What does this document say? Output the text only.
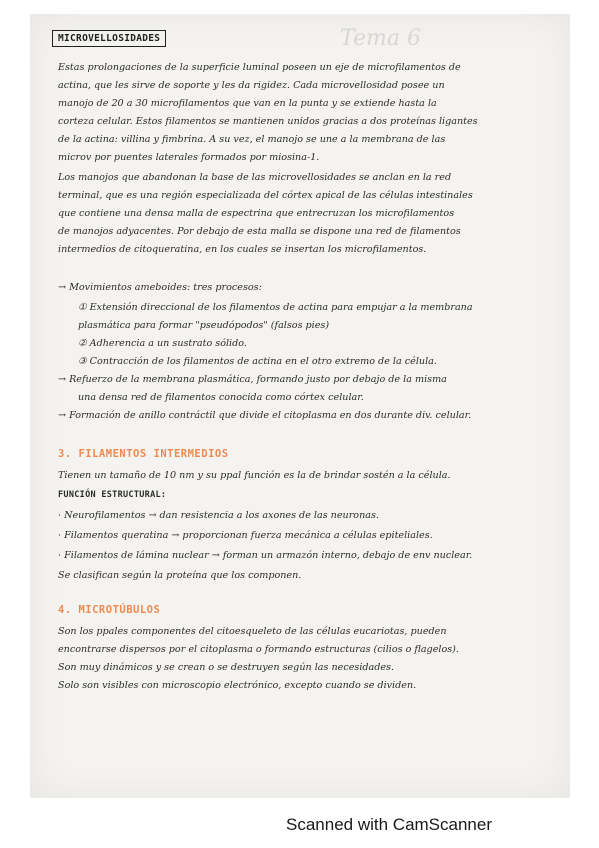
Tema 6
MICROVELLOSIDADES
Estas prolongaciones de la superficie luminal poseen un eje de microfilamentos de
actina, que les sirve de soporte y les da rigidez. Cada microvellosidad posee un
manojo de 20 a 30 microfilamentos que van en la punta y se extiende hasta la
corteza celular. Estos filamentos se mantienen unidos gracias a dos proteínas ligantes
de la actina: villina y fimbrina. A su vez, el manojo se une a la membrana de las
microv por puentes laterales formados por miosina-1.
Los manojos que abandonan la base de las microvellosidades se anclan en la red
terminal, que es una región especializada del córtex apical de las células intestinales
que contiene una densa malla de espectrina que entrecruzan los microfilamentos
de manojos adyacentes. Por debajo de esta malla se dispone una red de filamentos
intermedios de citoqueratina, en los cuales se insertan los microfilamentos.
→ Movimientos ameboides: tres procesos:
① Extensión direccional de los filamentos de actina para empujar a la membrana
plasmática para formar "pseudópodos" (falsos pies)
② Adherencia a un sustrato sólido.
③ Contracción de los filamentos de actina en el otro extremo de la célula.
→ Refuerzo de la membrana plasmática, formando justo por debajo de la misma
una densa red de filamentos conocida como córtex celular.
→ Formación de anillo contráctil que divide el citoplasma en dos durante div. celular.
3. FILAMENTOS INTERMEDIOS
Tienen un tamaño de 10 nm y su ppal función es la de brindar sostén a la célula.
FUNCIÓN ESTRUCTURAL:
· Neurofilamentos → dan resistencia a los axones de las neuronas.
· Filamentos queratina → proporcionan fuerza mecánica a células epiteliales.
· Filamentos de lámina nuclear → forman un armazón interno, debajo de env nuclear.
Se clasifican según la proteína que los componen.
4. MICROTÚBULOS
Son los ppales componentes del citoesqueleto de las células eucariotas, pueden
encontrarse dispersos por el citoplasma o formando estructuras (cilios o flagelos).
Son muy dinámicos y se crean o se destruyen según las necesidades.
Solo son visibles con microscopio electrónico, excepto cuando se dividen.
Scanned with CamScanner
